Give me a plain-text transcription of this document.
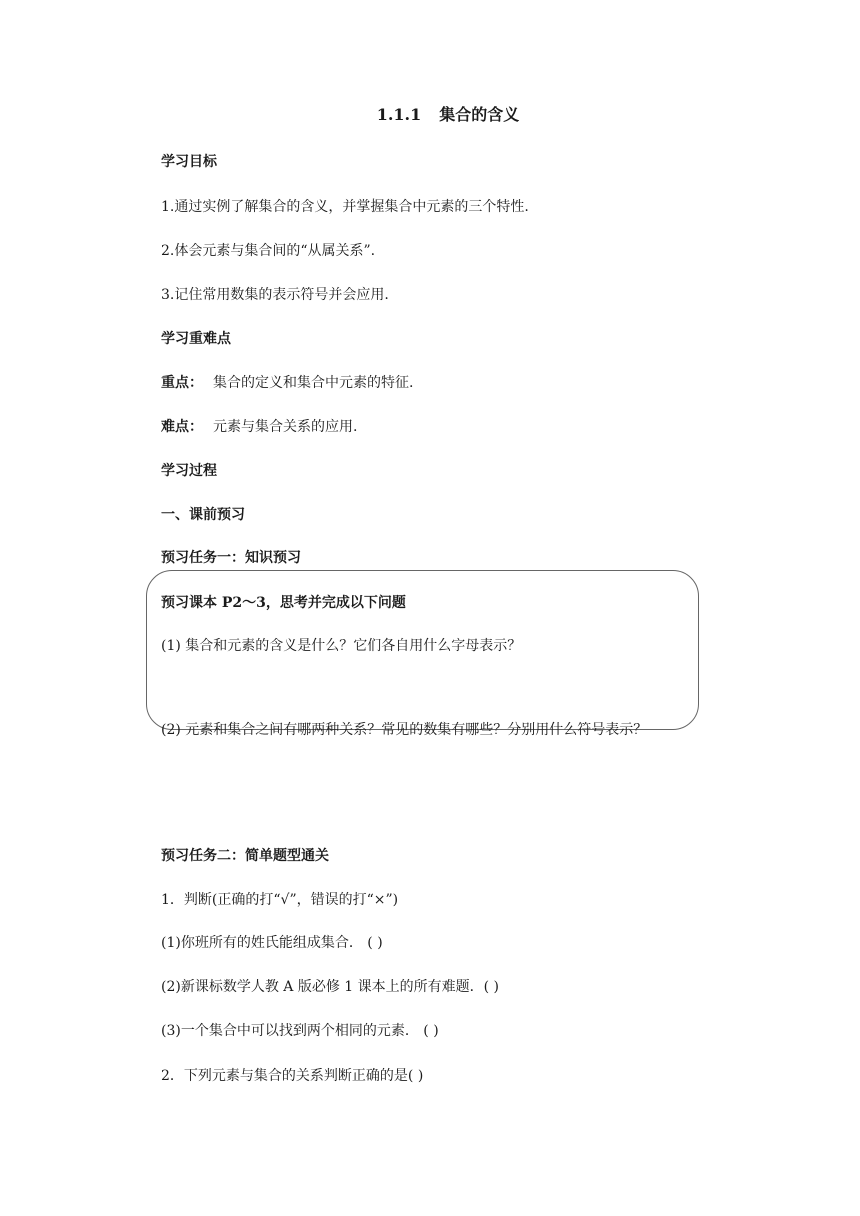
1.1.1 集合的含义
学习目标
1.通过实例了解集合的含义，并掌握集合中元素的三个特性.
2.体会元素与集合间的“从属关系”.
3.记住常用数集的表示符号并会应用.
学习重难点
重点： 集合的定义和集合中元素的特征.
难点： 元素与集合关系的应用.
学习过程
一、课前预习
预习任务一：知识预习
预习课本 P2～3，思考并完成以下问题
(1) 集合和元素的含义是什么？它们各自用什么字母表示？
(2) 元素和集合之间有哪两种关系？常见的数集有哪些？分别用什么符号表示？
预习任务二：简单题型通关
1．判断(正确的打“√”，错误的打“×”)
(1)你班所有的姓氏能组成集合． ( )
(2)新课标数学人教 A 版必修 1 课本上的所有难题．( )
(3)一个集合中可以找到两个相同的元素． ( )
2．下列元素与集合的关系判断正确的是( )
